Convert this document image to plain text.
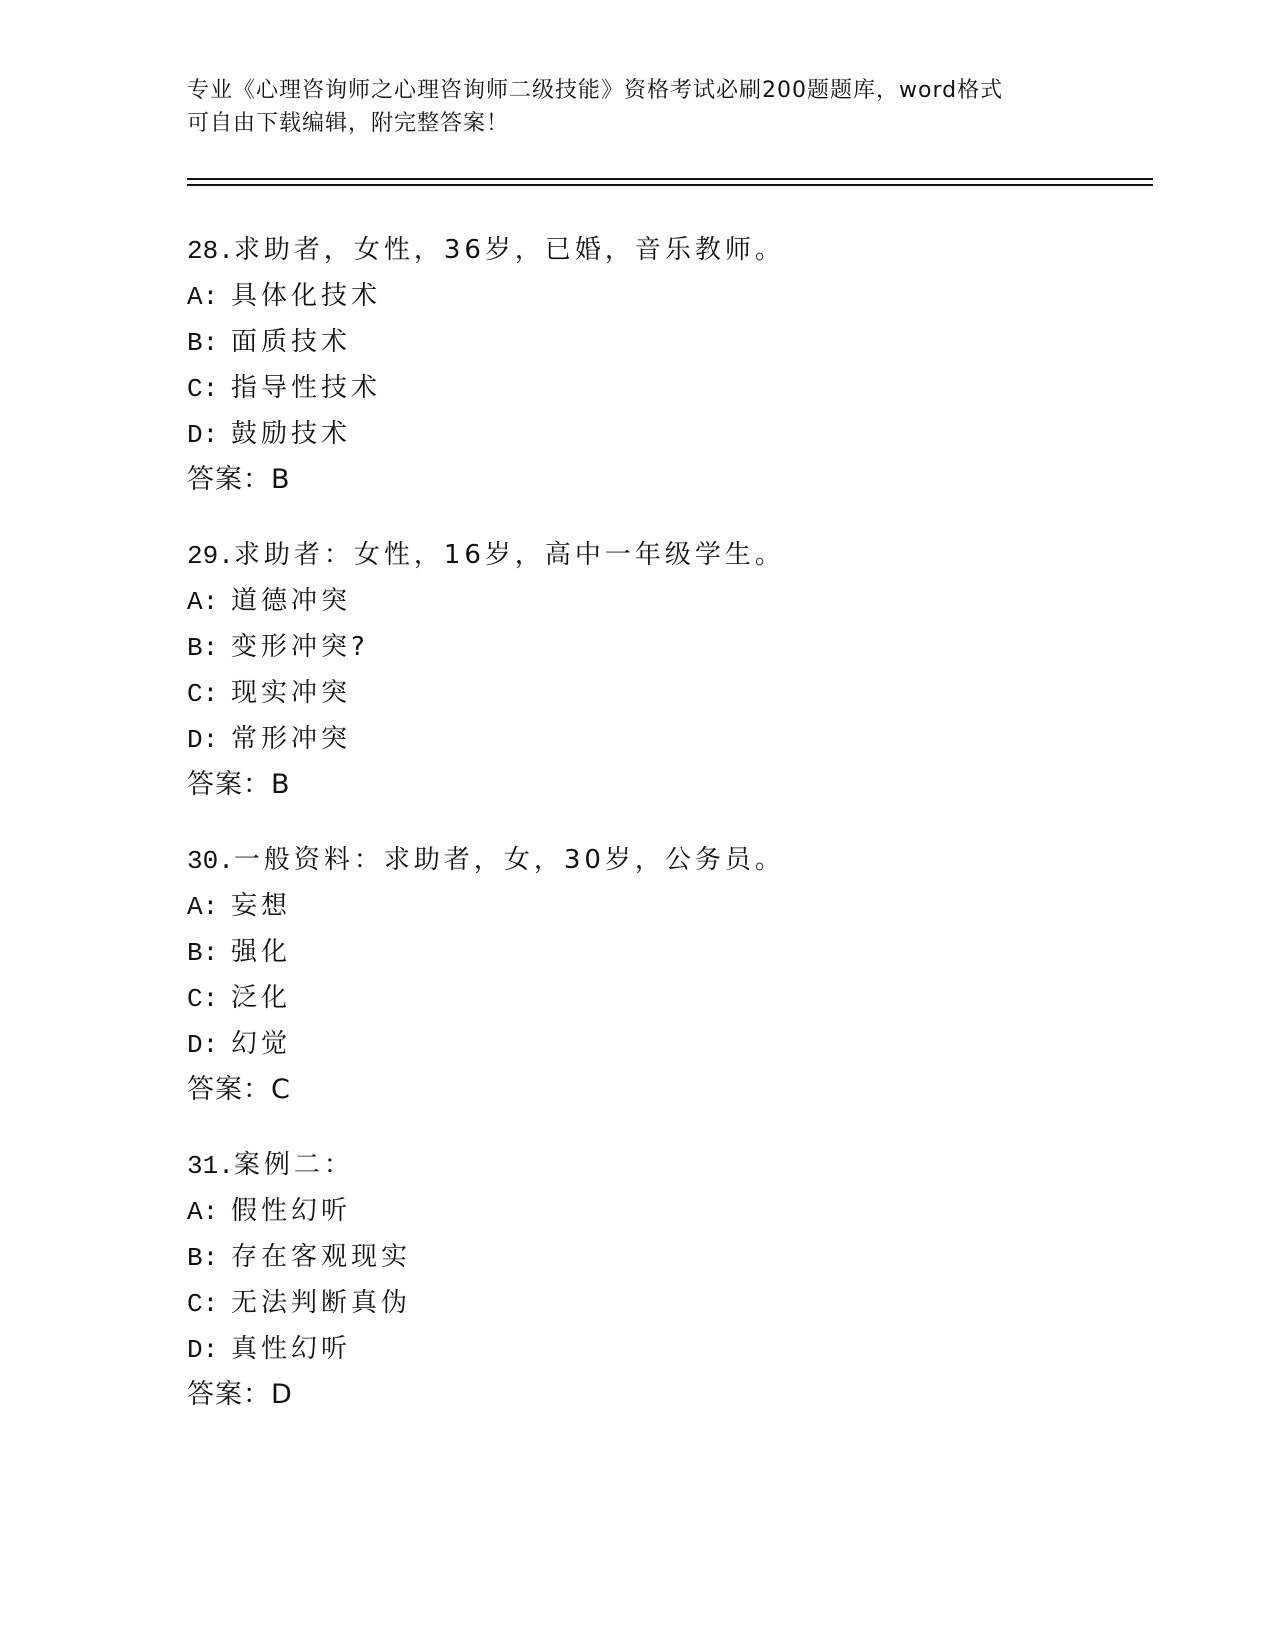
专业《心理咨询师之心理咨询师二级技能》资格考试必刷200题题库，word格式
可自由下载编辑，附完整答案！
28.求助者，女性，36岁，已婚，音乐教师。
A: 具体化技术
B: 面质技术
C: 指导性技术
D: 鼓励技术
答案：B
29.求助者：女性，16岁，高中一年级学生。
A: 道德冲突
B: 变形冲突?
C: 现实冲突
D: 常形冲突
答案：B
30.一般资料：求助者，女，30岁，公务员。
A: 妄想
B: 强化
C: 泛化
D: 幻觉
答案：C
31.案例二：
A: 假性幻听
B: 存在客观现实
C: 无法判断真伪
D: 真性幻听
答案：D
